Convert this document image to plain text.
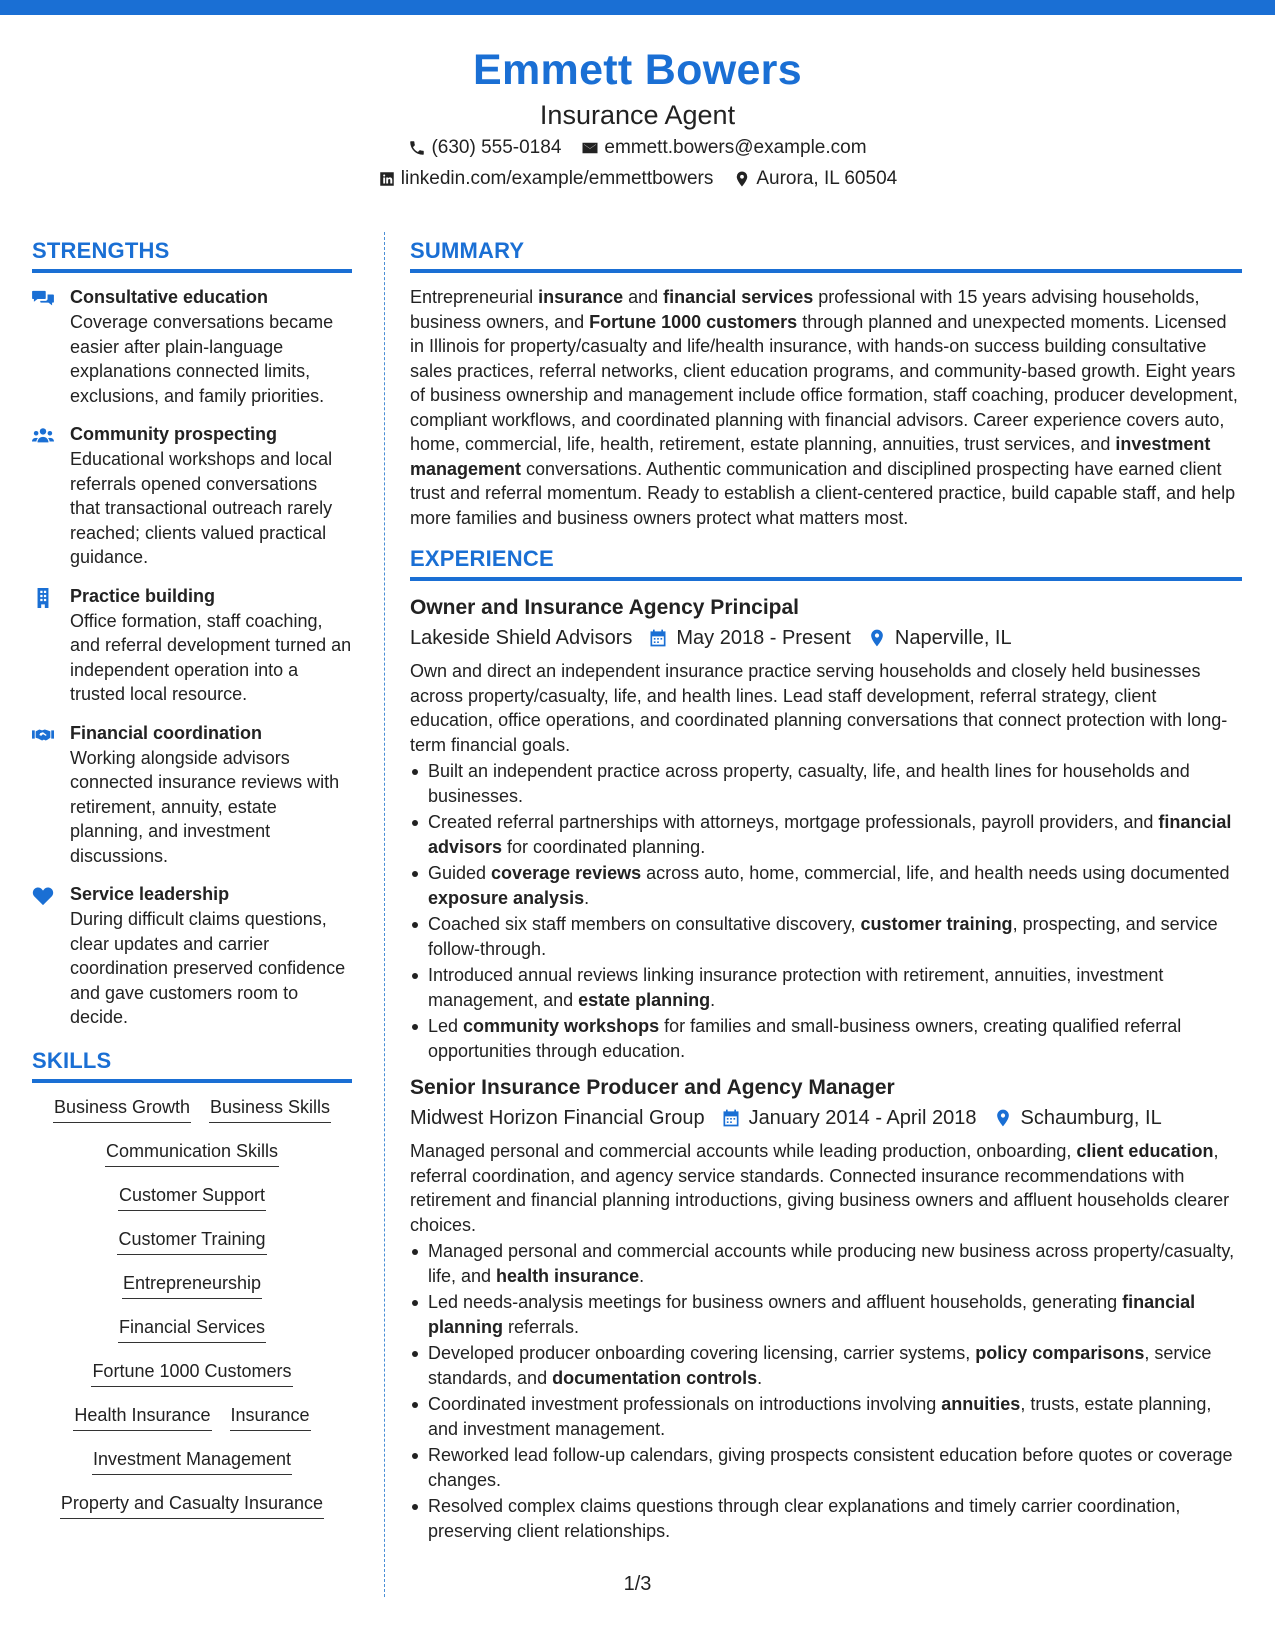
Emmett Bowers
Insurance Agent
(630) 555-0184 emmett.bowers@example.com
linkedin.com/example/emmettbowers Aurora, IL 60504
STRENGTHS
Consultative education
Coverage conversations became easier after plain-language explanations connected limits, exclusions, and family priorities.
Community prospecting
Educational workshops and local referrals opened conversations that transactional outreach rarely reached; clients valued practical guidance.
Practice building
Office formation, staff coaching, and referral development turned an independent operation into a trusted local resource.
Financial coordination
Working alongside advisors connected insurance reviews with retirement, annuity, estate planning, and investment discussions.
Service leadership
During difficult claims questions, clear updates and carrier coordination preserved confidence and gave customers room to decide.
SKILLS
Business Growth Business Skills
Communication Skills
Customer Support
Customer Training
Entrepreneurship
Financial Services
Fortune 1000 Customers
Health Insurance Insurance
Investment Management
Property and Casualty Insurance
SUMMARY
Entrepreneurial insurance and financial services professional with 15 years advising households, business owners, and Fortune 1000 customers through planned and unexpected moments. Licensed in Illinois for property/casualty and life/health insurance, with hands-on success building consultative sales practices, referral networks, client education programs, and community-based growth. Eight years of business ownership and management include office formation, staff coaching, producer development, compliant workflows, and coordinated planning with financial advisors. Career experience covers auto, home, commercial, life, health, retirement, estate planning, annuities, trust services, and investment management conversations. Authentic communication and disciplined prospecting have earned client trust and referral momentum. Ready to establish a client-centered practice, build capable staff, and help more families and business owners protect what matters most.
EXPERIENCE
Owner and Insurance Agency Principal
Lakeside Shield Advisors May 2018 - Present Naperville, IL
Own and direct an independent insurance practice serving households and closely held businesses across property/casualty, life, and health lines. Lead staff development, referral strategy, client education, office operations, and coordinated planning conversations that connect protection with long-term financial goals.
Built an independent practice across property, casualty, life, and health lines for households and businesses.
Created referral partnerships with attorneys, mortgage professionals, payroll providers, and financial advisors for coordinated planning.
Guided coverage reviews across auto, home, commercial, life, and health needs using documented exposure analysis.
Coached six staff members on consultative discovery, customer training, prospecting, and service follow-through.
Introduced annual reviews linking insurance protection with retirement, annuities, investment management, and estate planning.
Led community workshops for families and small-business owners, creating qualified referral opportunities through education.
Senior Insurance Producer and Agency Manager
Midwest Horizon Financial Group January 2014 - April 2018 Schaumburg, IL
Managed personal and commercial accounts while leading production, onboarding, client education, referral coordination, and agency service standards. Connected insurance recommendations with retirement and financial planning introductions, giving business owners and affluent households clearer choices.
Managed personal and commercial accounts while producing new business across property/casualty, life, and health insurance.
Led needs-analysis meetings for business owners and affluent households, generating financial planning referrals.
Developed producer onboarding covering licensing, carrier systems, policy comparisons, service standards, and documentation controls.
Coordinated investment professionals on introductions involving annuities, trusts, estate planning, and investment management.
Reworked lead follow-up calendars, giving prospects consistent education before quotes or coverage changes.
Resolved complex claims questions through clear explanations and timely carrier coordination, preserving client relationships.
1/3
